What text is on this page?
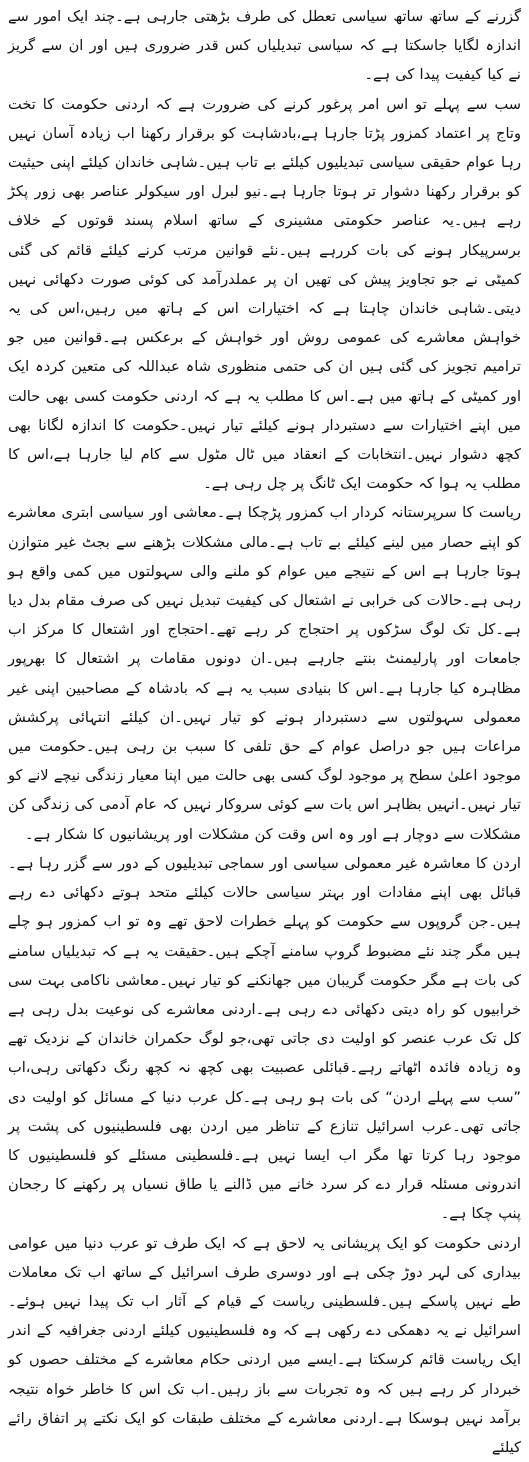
گزرنے کے ساتھ ساتھ سیاسی تعطل کی طرف بڑھتی جارہی ہے۔چند ایک امور سے اندازہ لگایا جاسکتا ہے کہ سیاسی تبدیلیاں کس قدر ضروری ہیں اور ان سے گریز نے کیا کیفیت پیدا کی ہے۔

سب سے پہلے تو اس امر پرغور کرنے کی ضرورت ہے کہ اردنی حکومت کا تخت وتاج پر اعتماد کمزور پڑتا جارہا ہے،بادشاہت کو برقرار رکھنا اب زیادہ آسان نہیں رہا عوام حقیقی سیاسی تبدیلیوں کیلئے بے تاب ہیں۔شاہی خاندان کیلئے اپنی حیثیت کو برقرار رکھنا دشوار تر ہوتا جارہا ہے۔نیو لبرل اور سیکولر عناصر بھی زور پکڑ رہے ہیں۔یہ عناصر حکومتی مشینری کے ساتھ اسلام پسند قوتوں کے خلاف برسرپیکار ہونے کی بات کررہے ہیں۔نئے قوانین مرتب کرنے کیلئے قائم کی گئی کمیٹی نے جو تجاویز پیش کی تھیں ان پر عملدرآمد کی کوئی صورت دکھائی نہیں دیتی۔شاہی خاندان چاہتا ہے کہ اختیارات اس کے ہاتھ میں رہیں،اس کی یہ خواہش معاشرے کی عمومی روش اور خواہش کے برعکس ہے۔قوانین میں جو ترامیم تجویز کی گئی ہیں ان کی حتمی منظوری شاہ عبداللہ کی متعین کردہ ایک اور کمیٹی کے ہاتھ میں ہے۔اس کا مطلب یہ ہے کہ اردنی حکومت کسی بھی حالت میں اپنے اختیارات سے دستبردار ہونے کیلئے تیار نہیں۔حکومت کا اندازہ لگانا بھی کچھ دشوار نہیں۔انتخابات کے انعقاد میں ٹال مٹول سے کام لیا جارہا ہے،اس کا مطلب یہ ہوا کہ حکومت ایک ٹانگ پر چل رہی ہے۔

ریاست کا سرپرستانہ کردار اب کمزور پڑچکا ہے۔معاشی اور سیاسی ابتری معاشرے کو اپنے حصار میں لینے کیلئے بے تاب ہے۔مالی مشکلات بڑھنے سے بجٹ غیر متوازن ہوتا جارہا ہے اس کے نتیجے میں عوام کو ملنے والی سہولتوں میں کمی واقع ہو رہی ہے۔حالات کی خرابی نے اشتعال کی کیفیت تبدیل نہیں کی صرف مقام بدل دیا ہے۔کل تک لوگ سڑکوں پر احتجاج کر رہے تھے۔احتجاج اور اشتعال کا مرکز اب جامعات اور پارلیمنٹ بنتے جارہے ہیں۔ان دونوں مقامات پر اشتعال کا بھرپور مظاہرہ کیا جارہا ہے۔اس کا بنیادی سبب یہ ہے کہ بادشاہ کے مصاحبین اپنی غیر معمولی سہولتوں سے دستبردار ہونے کو تیار نہیں۔ان کیلئے انتہائی پرکشش مراعات ہیں جو دراصل عوام کے حق تلفی کا سبب بن رہی ہیں۔حکومت میں موجود اعلیٰ سطح پر موجود لوگ کسی بھی حالت میں اپنا معیار زندگی نیچے لانے کو تیار نہیں۔انہیں بظاہر اس بات سے کوئی سروکار نہیں کہ عام آدمی کی زندگی کن مشکلات سے دوچار ہے اور وہ اس وقت کن مشکلات اور پریشانیوں کا شکار ہے۔

اردن کا معاشرہ غیر معمولی سیاسی اور سماجی تبدیلیوں کے دور سے گزر رہا ہے۔قبائل بھی اپنے مفادات اور بہتر سیاسی حالات کیلئے متحد ہوتے دکھائی دے رہے ہیں۔جن گروپوں سے حکومت کو پہلے خطرات لاحق تھے وہ تو اب کمزور ہو چلے ہیں مگر چند نئے مضبوط گروپ سامنے آچکے ہیں۔حقیقت یہ ہے کہ تبدیلیاں سامنے کی بات ہے مگر حکومت گریبان میں جھانکنے کو تیار نہیں۔معاشی ناکامی بہت سی خرابیوں کو راہ دیتی دکھائی دے رہی ہے۔اردنی معاشرے کی نوعیت بدل رہی ہے کل تک عرب عنصر کو اولیت دی جاتی تھی،جو لوگ حکمران خاندان کے نزدیک تھے وہ زیادہ فائدہ اٹھاتے رہے۔قبائلی عصبیت بھی کچھ نہ کچھ رنگ دکھاتی رہی،اب ”سب سے پہلے اردن“ کی بات ہو رہی ہے۔کل عرب دنیا کے مسائل کو اولیت دی جاتی تھی۔عرب اسرائیل تنازع کے تناظر میں اردن بھی فلسطینیوں کی پشت پر موجود رہا کرتا تھا مگر اب ایسا نہیں ہے۔فلسطینی مسئلے کو فلسطینیوں کا اندرونی مسئلہ قرار دے کر سرد خانے میں ڈالنے یا طاق نسیاں پر رکھنے کا رجحان پنپ چکا ہے۔

اردنی حکومت کو ایک پریشانی یہ لاحق ہے کہ ایک طرف تو عرب دنیا میں عوامی بیداری کی لہر دوڑ چکی ہے اور دوسری طرف اسرائیل کے ساتھ اب تک معاملات طے نہیں پاسکے ہیں۔فلسطینی ریاست کے قیام کے آثار اب تک پیدا نہیں ہوئے۔اسرائیل نے یہ دھمکی دے رکھی ہے کہ وہ فلسطینیوں کیلئے اردنی جغرافیہ کے اندر ایک ریاست قائم کرسکتا ہے۔ایسے میں اردنی حکام معاشرے کے مختلف حصوں کو خبردار کر رہے ہیں کہ وہ تجربات سے باز رہیں۔اب تک اس کا خاطر خواہ نتیجہ برآمد نہیں ہوسکا ہے۔اردنی معاشرے کے مختلف طبقات کو ایک نکتے پر اتفاق رائے کیلئے
